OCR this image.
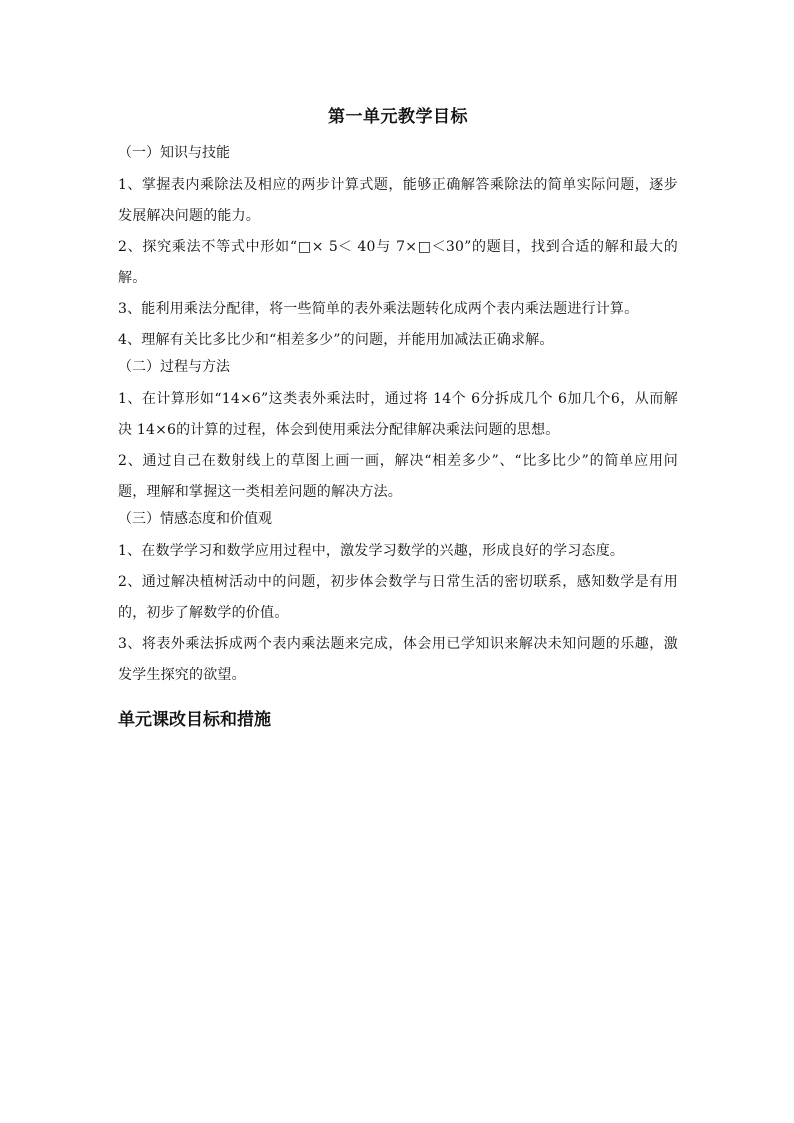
第一单元教学目标
（一）知识与技能

1、掌握表内乘除法及相应的两步计算式题，能够正确解答乘除法的简单实际问题，逐步发展解决问题的能力。

2、探究乘法不等式中形如“□× 5＜ 40与 7×□＜30”的题目，找到合适的解和最大的解。

3、能利用乘法分配律，将一些简单的表外乘法题转化成两个表内乘法题进行计算。

4、理解有关比多比少和“相差多少”的问题，并能用加减法正确求解。

（二）过程与方法

1、在计算形如“14×6”这类表外乘法时，通过将 14个 6分拆成几个 6加几个6，从而解决 14×6的计算的过程，体会到使用乘法分配律解决乘法问题的思想。

2、通过自己在数射线上的草图上画一画，解决“相差多少”、“比多比少”的简单应用问题，理解和掌握这一类相差问题的解决方法。

（三）情感态度和价值观

1、在数学学习和数学应用过程中，激发学习数学的兴趣，形成良好的学习态度。

2、通过解决植树活动中的问题，初步体会数学与日常生活的密切联系，感知数学是有用的，初步了解数学的价值。

3、将表外乘法拆成两个表内乘法题来完成，体会用已学知识来解决未知问题的乐趣，激发学生探究的欲望。

单元课改目标和措施
